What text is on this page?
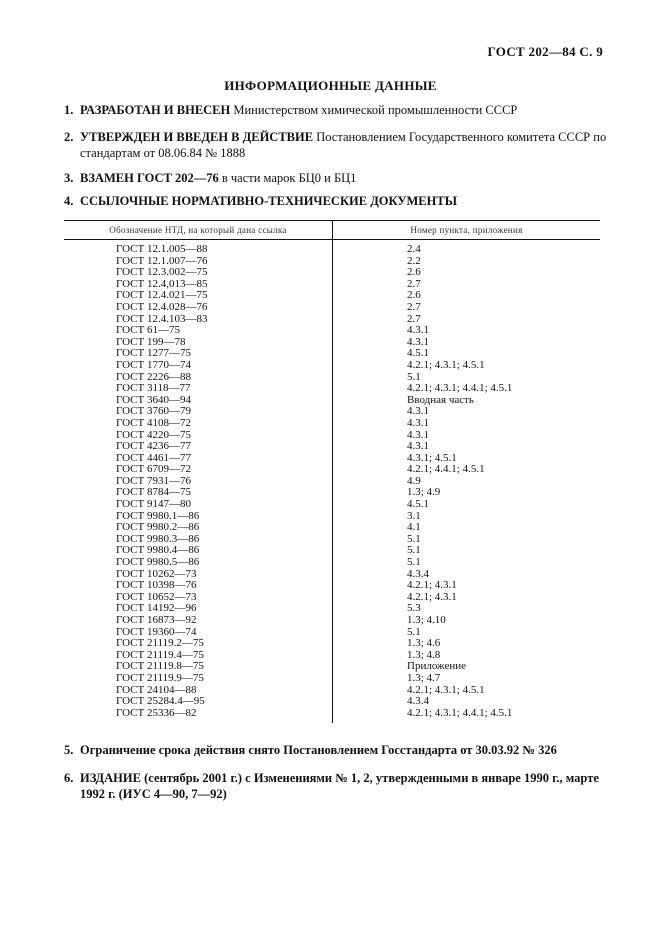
ГОСТ 202—84 С. 9
ИНФОРМАЦИОННЫЕ ДАННЫЕ
1. РАЗРАБОТАН И ВНЕСЕН Министерством химической промышленности СССР
2. УТВЕРЖДЕН И ВВЕДЕН В ДЕЙСТВИЕ Постановлением Государственного комитета СССР по
стандартам от 08.06.84 № 1888
3. ВЗАМЕН ГОСТ 202—76 в части марок БЦ0 и БЦ1
4. ССЫЛОЧНЫЕ НОРМАТИВНО-ТЕХНИЧЕСКИЕ ДОКУМЕНТЫ
Обозначение НТД, на который дана ссылка	Номер пункта, приложения
ГОСТ 12.1.005—88	2.4
ГОСТ 12.1.007—76	2.2
ГОСТ 12.3.002—75	2.6
ГОСТ 12.4,013—85	2.7
ГОСТ 12.4.021—75	2.6
ГОСТ 12.4.028—76	2.7
ГОСТ 12.4.103—83	2.7
ГОСТ 61—75	4.3.1
ГОСТ 199—78	4.3.1
ГОСТ 1277—75	4.5.1
ГОСТ 1770—74	4.2.1; 4.3.1; 4.5.1
ГОСТ 2226—88	5.1
ГОСТ 3118—77	4.2.1; 4.3.1; 4.4.1; 4.5.1
ГОСТ 3640—94	Вводная часть
ГОСТ 3760—79	4.3.1
ГОСТ 4108—72	4.3.1
ГОСТ 4220—75	4.3.1
ГОСТ 4236—77	4.3.1
ГОСТ 4461—77	4.3.1; 4.5.1
ГОСТ 6709—72	4.2.1; 4.4.1; 4.5.1
ГОСТ 7931—76	4.9
ГОСТ 8784—75	1.3; 4.9
ГОСТ 9147—80	4.5.1
ГОСТ 9980.1—86	3.1
ГОСТ 9980.2—86	4.1
ГОСТ 9980.3—86	5.1
ГОСТ 9980.4—86	5.1
ГОСТ 9980.5—86	5.1
ГОСТ 10262—73	4.3.4
ГОСТ 10398—76	4.2.1; 4.3.1
ГОСТ 10652—73	4.2.1; 4.3.1
ГОСТ 14192—96	5.3
ГОСТ 16873—92	1.3; 4.10
ГОСТ 19360—74	5.1
ГОСТ 21119.2—75	1.3; 4.6
ГОСТ 21119.4—75	1.3; 4.8
ГОСТ 21119.8—75	Приложение
ГОСТ 21119.9—75	1.3; 4.7
ГОСТ 24104—88	4.2.1; 4.3.1; 4.5.1
ГОСТ 25284.4—95	4.3.4
ГОСТ 25336—82	4.2.1; 4.3.1; 4.4.1; 4.5.1
5. Ограничение срока действия снято Постановлением Госстандарта от 30.03.92 № 326
6. ИЗДАНИЕ (сентябрь 2001 г.) с Изменениями № 1, 2, утвержденными в январе 1990 г., марте
1992 г. (ИУС 4—90, 7—92)
